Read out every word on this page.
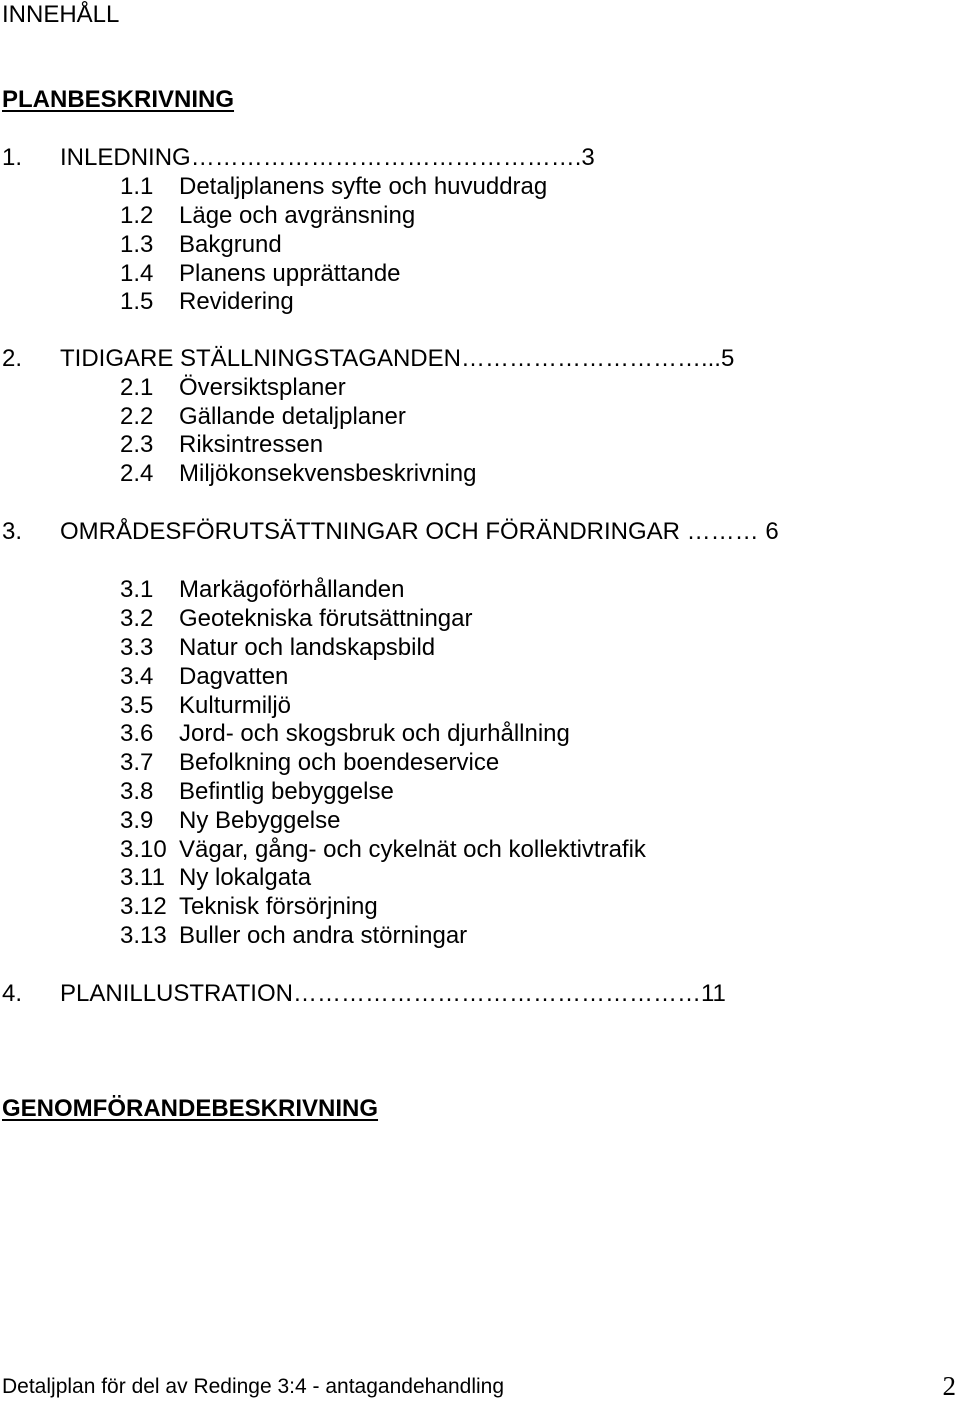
INNEHÅLL
PLANBESKRIVNING
1. INLEDNING………………………………………….3
1.1 Detaljplanens syfte och huvuddrag
1.2 Läge och avgränsning
1.3 Bakgrund
1.4 Planens upprättande
1.5 Revidering
2. TIDIGARE STÄLLNINGSTAGANDEN…………………………...5
2.1 Översiktsplaner
2.2 Gällande detaljplaner
2.3 Riksintressen
2.4 Miljökonsekvensbeskrivning
3. OMRÅDESFÖRUTSÄTTNINGAR OCH FÖRÄNDRINGAR ……… 6
3.1 Markägoförhållanden
3.2 Geotekniska förutsättningar
3.3 Natur och landskapsbild
3.4 Dagvatten
3.5 Kulturmiljö
3.6 Jord- och skogsbruk och djurhållning
3.7 Befolkning och boendeservice
3.8 Befintlig bebyggelse
3.9 Ny Bebyggelse
3.10 Vägar, gång- och cykelnät och kollektivtrafik
3.11 Ny lokalgata
3.12 Teknisk försörjning
3.13 Buller och andra störningar
4. PLANILLUSTRATION……………………………………………11
GENOMFÖRANDEBESKRIVNING
Detaljplan för del av Redinge 3:4 - antagandehandling	2
